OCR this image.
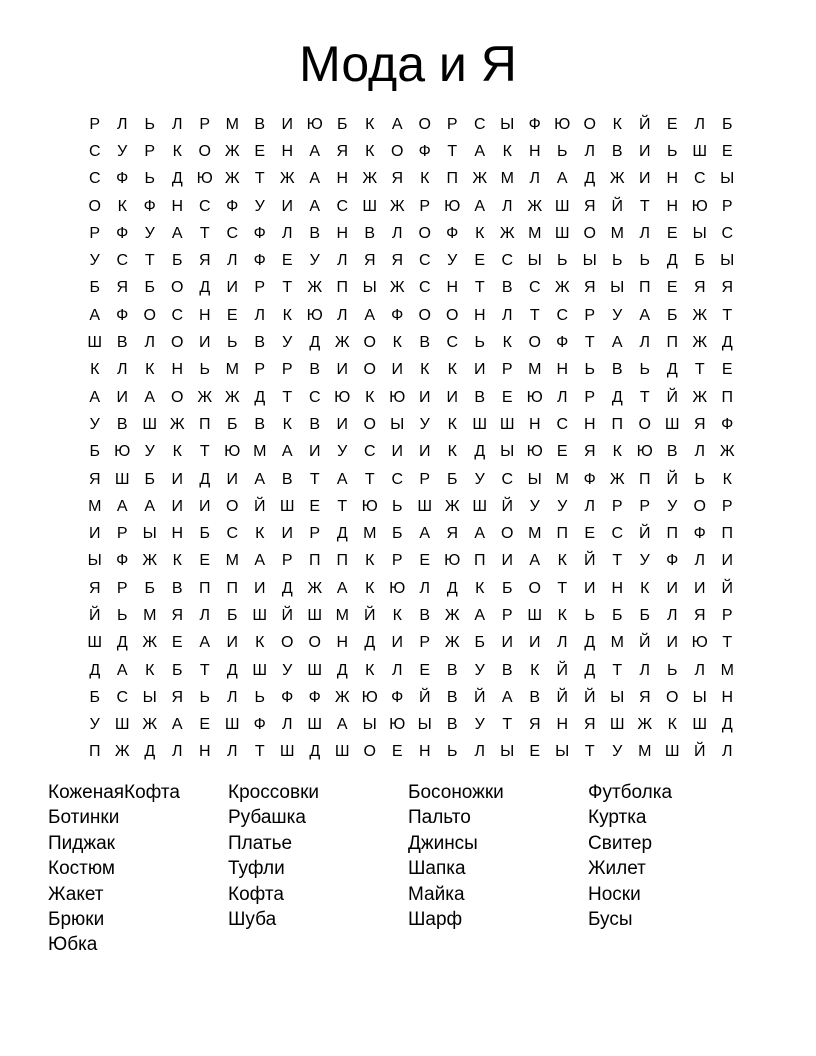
Мода и Я
Р	Л	Ь	Л	Р М В	И Ю Б	К	А О Р	С Ы Ф Ю О	К	Й	Е	Л	Б
С	У	Р	К	О Ж Е	Н	А	Я	К	О Ф	Т	А	К	Н	Ь	Л	В	И	Ь Ш Е
С Ф	Ь	Д Ю Ж Т Ж А	Н Ж Я	К	П Ж М Л	А	Д Ж И Н С Ы
О	К	Ф Н С Ф	У	И	А	С Ш Ж Р Ю А	Л Ж Ш Я Й	Т	Н Ю Р
Р	Ф	У	А	Т	С Ф	Л	В	Н	В	Л	О Ф	К Ж М Ш О М Л	Е Ы С
У	С	Т	Б	Я	Л	Ф	Е	У	Л	Я Я С	У	Е	С Ы Ь Ы Ь	Ь	Д	Б Ы
Б	Я	Б	О Д	И	Р	Т Ж П Ы Ж С Н	Т	В	С Ж Я Ы П	Е	Я Я
А	Ф О С Н	Е	Л	К Ю Л	А	Ф О О Н	Л	Т	С	Р	У	А	Б Ж Т
Ш В	Л	О И	Ь	В	У	Д Ж О	К	В	С	Ь	К	О Ф	Т	А	Л	П Ж Д
К	Л	К	Н	Ь М Р	Р	В	И О И	К	К	И	Р М Н	Ь	В	Ь	Д	Т	Е
А	И	А О Ж Ж Д	Т	С Ю К Ю И	И	В	Е Ю Л	Р	Д	Т	Й Ж П
У	В Ш Ж П	Б	В	К	В	И О Ы У	К Ш Ш Н С Н П О Ш Я Ф
Б Ю У	К	Т Ю М А	И	У	С И	И	К	Д Ы Ю Е	Я	К Ю В	Л Ж
Я Ш Б	И	Д	И	А	В	Т	А	Т	С	Р	Б	У	С Ы М Ф Ж П	Й	Ь	К
М А	А	И	И О Й Ш Е	Т Ю Ь Ш Ж Ш Й	У	У	Л	Р	Р	У	О Р
И	Р Ы Н	Б	С	К	И	Р	Д М Б	А	Я	А О М П	Е	С Й	П Ф П
Ы Ф Ж К	Е М А	Р	П	П	К	Р	Е Ю П	И	А	К	Й	Т	У	Ф	Л	И
Я	Р	Б	В	П	П	И	Д Ж А	К Ю Л	Д	К	Б	О	Т	И Н	К	И	И	Й
Й	Ь М Я	Л	Б Ш Й Ш М Й	К	В Ж А	Р Ш К	Ь	Б	Б	Л	Я	Р
Ш Д Ж Е	А	И	К	О О Н	Д	И	Р Ж Б	И	И	Л	Д М Й	И Ю Т
Д	А	К	Б	Т	Д Ш У Ш Д	К	Л	Е	В	У	В	К	Й	Д	Т	Л	Ь	Л М
Б	С Ы Я	Ь	Л	Ь	Ф Ф Ж Ю Ф Й	В	Й	А	В	Й	Й Ы Я О Ы Н
У Ш Ж А	Е Ш Ф	Л Ш А Ы Ю Ы В	У	Т	Я Н Я Ш Ж К Ш Д
П Ж Д	Л	Н	Л	Т Ш Д Ш О Е	Н	Ь	Л Ы Е Ы Т	У М Ш Й	Л
КоженаяКофта
Ботинки
Пиджак
Костюм
Жакет
Брюки
Юбка
Кроссовки
Рубашка
Платье
Туфли
Кофта
Шуба
Босоножки
Пальто
Джинсы
Шапка
Майка
Шарф
Футболка
Куртка
Свитер
Жилет
Носки
Бусы
